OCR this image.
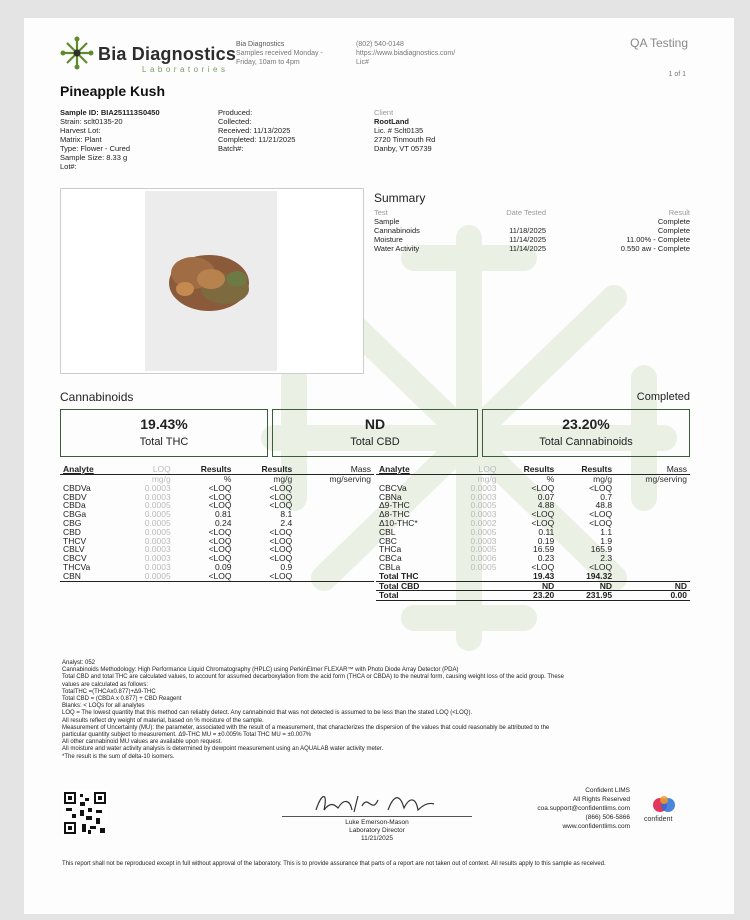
Bia Diagnostics
Laboratories
Bia Diagnostics
Samples received Monday -
Friday, 10am to 4pm
(802) 540-0148
https://www.biadiagnostics.com/
Lic#
QA Testing
1 of 1
Pineapple Kush
Sample ID: BIA251113S0450
Strain: sclt0135-20
Harvest Lot:
Matrix: Plant
Type: Flower - Cured
Sample Size: 8.33 g
Lot#:
Produced:
Collected:
Received: 11/13/2025
Completed: 11/21/2025
Batch#:
Client
RootLand
Lic. # Sclt0135
2720 Tinmouth Rd
Danby, VT 05739
Summary
Test	Date Tested	Result
Sample		Complete
Cannabinoids	11/18/2025	Complete
Moisture	11/14/2025	11.00% - Complete
Water Activity	11/14/2025	0.550 aw - Complete
Cannabinoids	Completed
19.43%
Total THC
ND
Total CBD
23.20%
Total Cannabinoids
Analyte	LOQ	Results	Results	Mass
	mg/g	%	mg/g	mg/serving
CBDVa	0.0003	<LOQ	<LOQ	
CBDV	0.0003	<LOQ	<LOQ	
CBDa	0.0005	<LOQ	<LOQ	
CBGa	0.0005	0.81	8.1	
CBG	0.0005	0.24	2.4	
CBD	0.0005	<LOQ	<LOQ	
THCV	0.0003	<LOQ	<LOQ	
CBLV	0.0003	<LOQ	<LOQ	
CBCV	0.0003	<LOQ	<LOQ	
THCVa	0.0003	0.09	0.9	
CBN	0.0005	<LOQ	<LOQ	
Analyte	LOQ	Results	Results	Mass
	mg/g	%	mg/g	mg/serving
CBCVa	0.0003	<LOQ	<LOQ	
CBNa	0.0003	0.07	0.7	
Δ9-THC	0.0005	4.88	48.8	
Δ8-THC	0.0003	<LOQ	<LOQ	
Δ10-THC*	0.0002	<LOQ	<LOQ	
CBL	0.0005	0.11	1.1	
CBC	0.0003	0.19	1.9	
THCa	0.0005	16.59	165.9	
CBCa	0.0006	0.23	2.3	
CBLa	0.0005	<LOQ	<LOQ	
Total THC		19.43	194.32	
Total CBD		ND	ND	ND
Total		23.20	231.95	0.00
Analyst: 052
Cannabinoids Methodology: High Performance Liquid Chromatography (HPLC) using PerkinElmer FLEXAR™ with Photo Diode Array Detector (PDA)
Total CBD and total THC are calculated values, to account for assumed decarboxylation from the acid form (THCA or CBDA) to the neutral form, causing weight loss of the acid group. These
values are calculated as follows:
TotalTHC =(THCAx0.877)+Δ9-THC
Total CBD = (CBDA x 0.877) + CBD Reagent
Blanks: < LOQs for all analytes
LOQ = The lowest quantity that this method can reliably detect. Any cannabinoid that was not detected is assumed to be less than the stated LOQ (<LOQ).
All results reflect dry weight of material, based on % moisture of the sample.
Measurement of Uncertainty (MU): the parameter, associated with the result of a measurement, that characterizes the dispersion of the values that could reasonably be attributed to the
particular quantity subject to measurement. Δ9-THC MU = ±0.005% Total THC MU = ±0.007%
All other cannabinoid MU values are available upon request.
All moisture and water activity analysis is determined by dewpoint measurement using an AQUALAB water activity meter.
*The result is the sum of delta-10 isomers.
Luke Emerson-Mason
Laboratory Director
11/21/2025
Confident LIMS
All Rights Reserved
coa.support@confidentlims.com
(866) 506-5866
www.confidentlims.com
confident
This report shall not be reproduced except in full without approval of the laboratory. This is to provide assurance that parts of a report are not taken out of context. All results apply to this sample as received.
